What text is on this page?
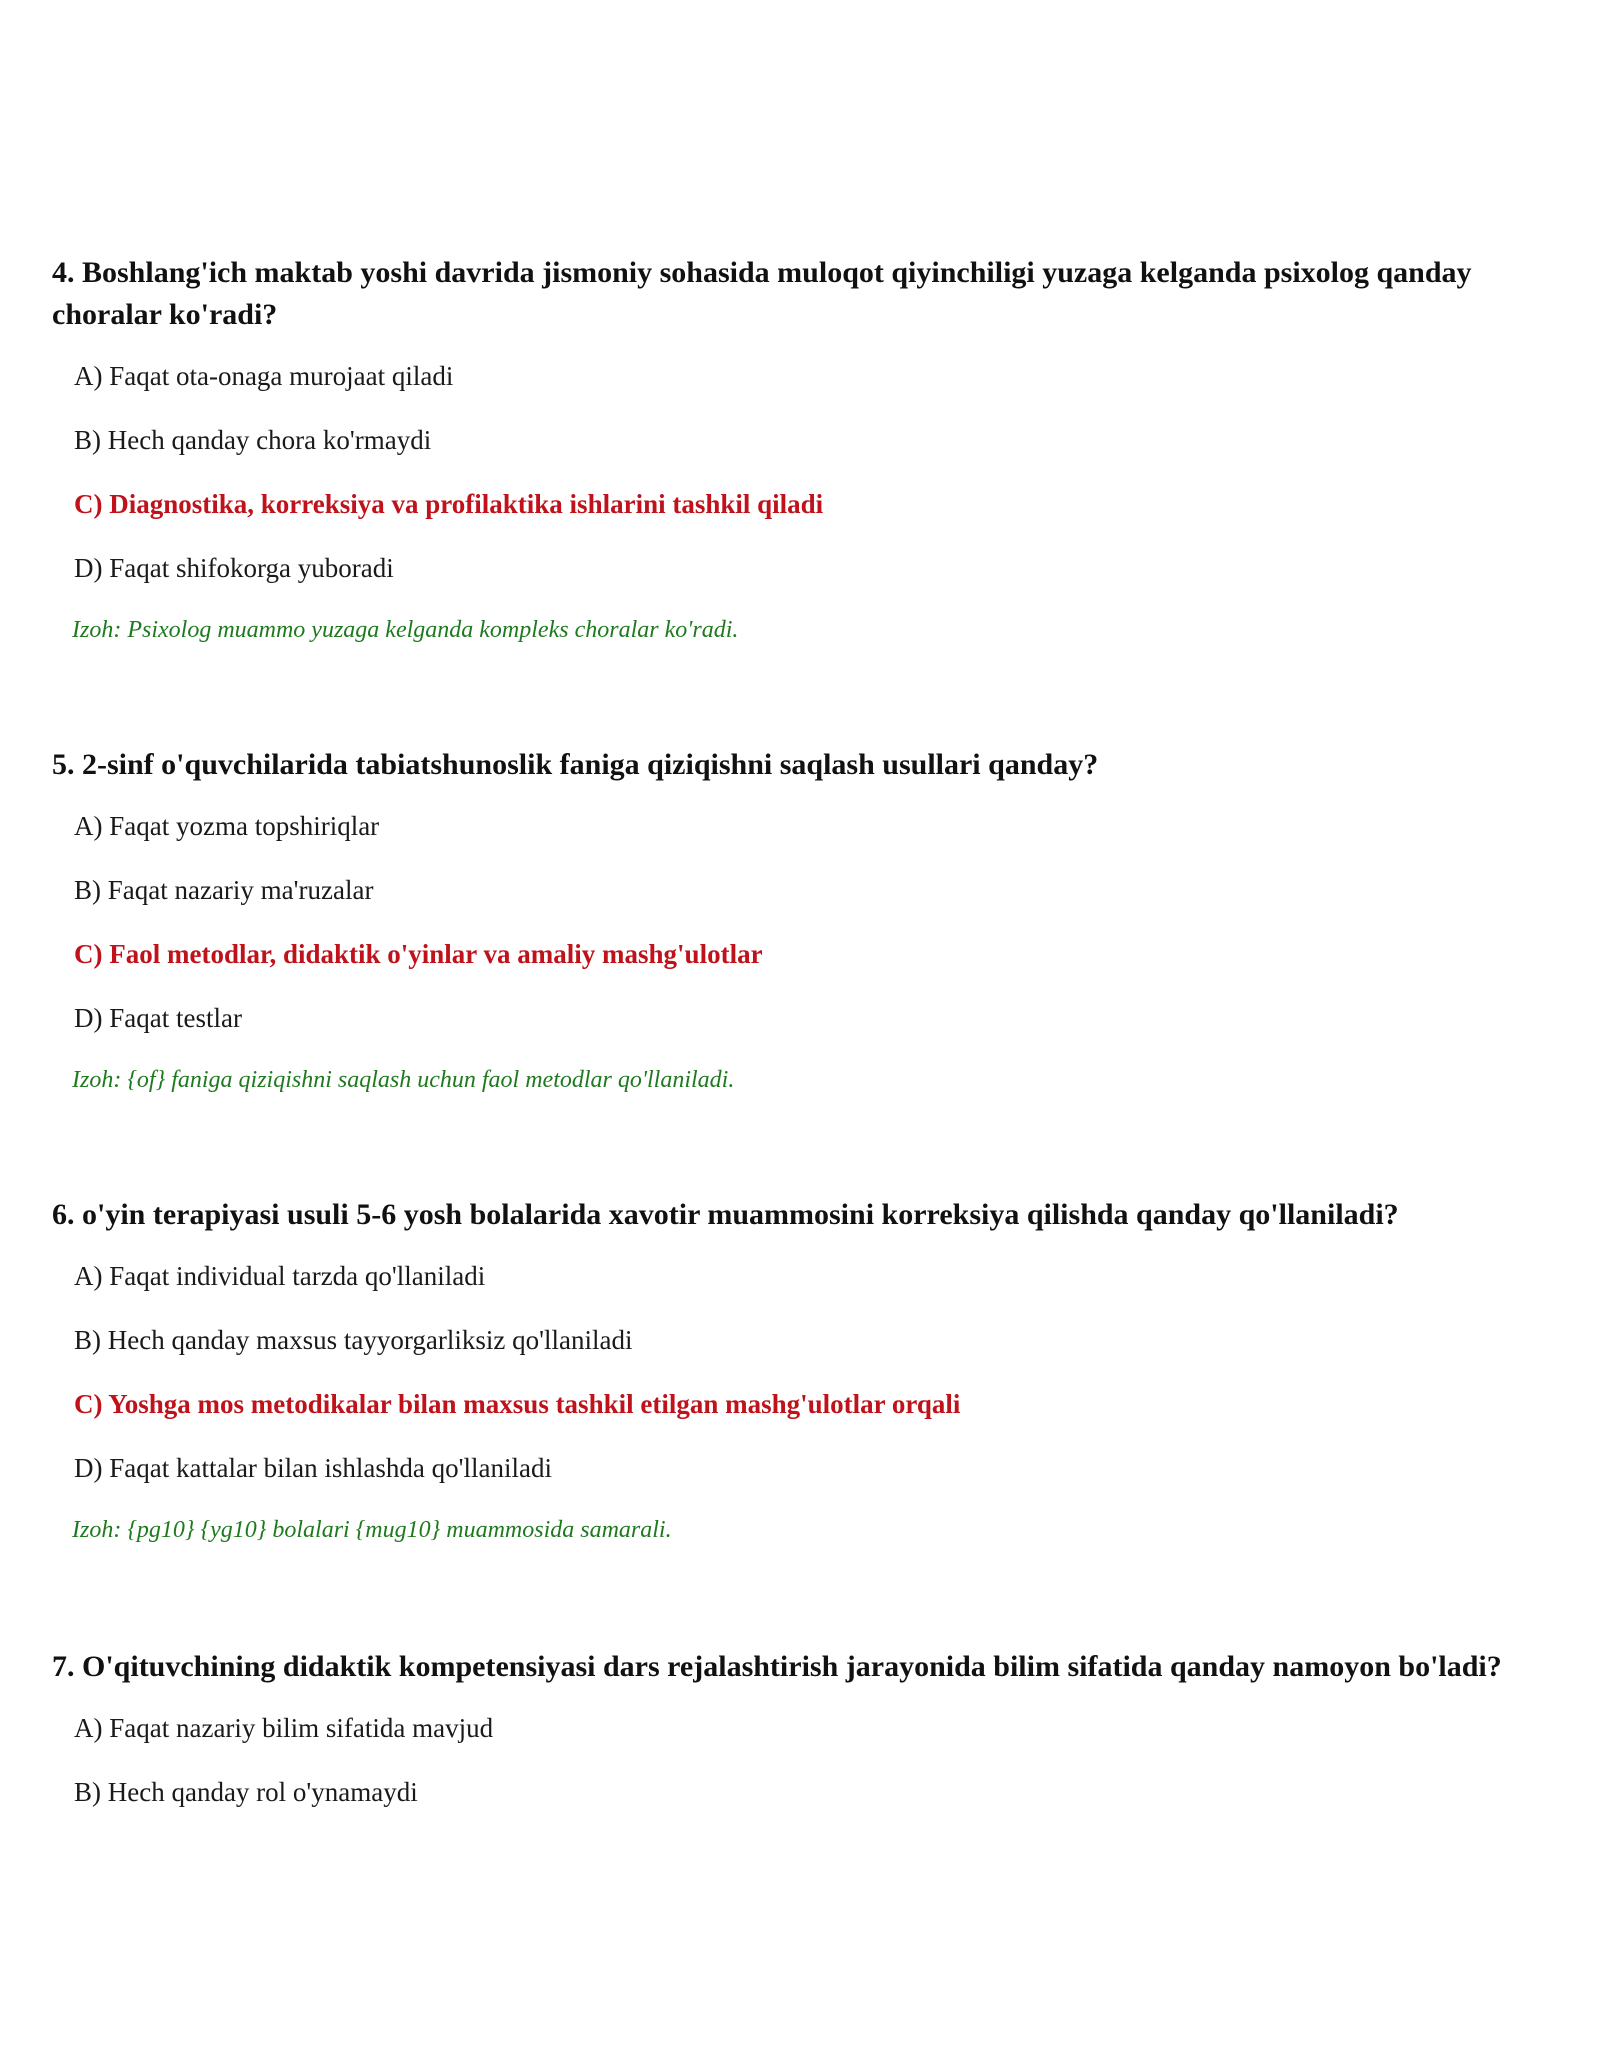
4. Boshlang'ich maktab yoshi davrida jismoniy sohasida muloqot qiyinchiligi yuzaga kelganda psixolog qanday choralar ko'radi?

A) Faqat ota-onaga murojaat qiladi

B) Hech qanday chora ko'rmaydi

C) Diagnostika, korreksiya va profilaktika ishlarini tashkil qiladi

D) Faqat shifokorga yuboradi

Izoh: Psixolog muammo yuzaga kelganda kompleks choralar ko'radi.

5. 2-sinf o'quvchilarida tabiatshunoslik faniga qiziqishni saqlash usullari qanday?

A) Faqat yozma topshiriqlar

B) Faqat nazariy ma'ruzalar

C) Faol metodlar, didaktik o'yinlar va amaliy mashg'ulotlar

D) Faqat testlar

Izoh: {of} faniga qiziqishni saqlash uchun faol metodlar qo'llaniladi.

6. o'yin terapiyasi usuli 5-6 yosh bolalarida xavotir muammosini korreksiya qilishda qanday qo'llaniladi?

A) Faqat individual tarzda qo'llaniladi

B) Hech qanday maxsus tayyorgarliksiz qo'llaniladi

C) Yoshga mos metodikalar bilan maxsus tashkil etilgan mashg'ulotlar orqali

D) Faqat kattalar bilan ishlashda qo'llaniladi

Izoh: {pg10} {yg10} bolalari {mug10} muammosida samarali.

7. O'qituvchining didaktik kompetensiyasi dars rejalashtirish jarayonida bilim sifatida qanday namoyon bo'ladi?

A) Faqat nazariy bilim sifatida mavjud

B) Hech qanday rol o'ynamaydi
